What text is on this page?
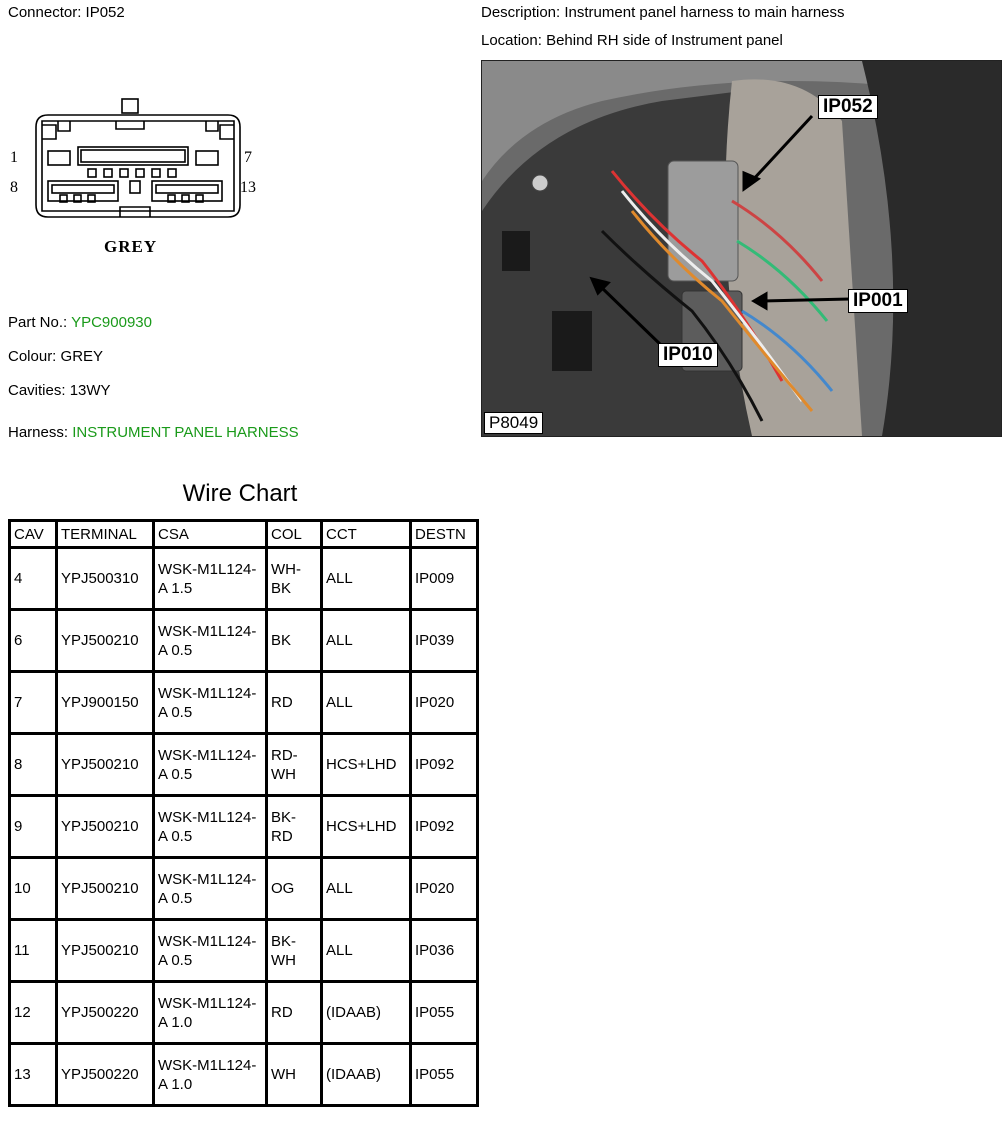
Connector: IP052	Description: Instrument panel harness to main harness
Location: Behind RH side of Instrument panel
1	7
8	13
GREY
Part No.: YPC900930
Colour: GREY
Cavities: 13WY
Harness: INSTRUMENT PANEL HARNESS
IP052
IP001
IP010
P8049
Wire Chart
CAV	TERMINAL	CSA	COL	CCT	DESTN
4	YPJ500310	WSK-M1L124-A 1.5	WH-BK	ALL	IP009
6	YPJ500210	WSK-M1L124-A 0.5	BK	ALL	IP039
7	YPJ900150	WSK-M1L124-A 0.5	RD	ALL	IP020
8	YPJ500210	WSK-M1L124-A 0.5	RD-WH	HCS+LHD	IP092
9	YPJ500210	WSK-M1L124-A 0.5	BK-RD	HCS+LHD	IP092
10	YPJ500210	WSK-M1L124-A 0.5	OG	ALL	IP020
11	YPJ500210	WSK-M1L124-A 0.5	BK-WH	ALL	IP036
12	YPJ500220	WSK-M1L124-A 1.0	RD	(IDAAB)	IP055
13	YPJ500220	WSK-M1L124-A 1.0	WH	(IDAAB)	IP055
